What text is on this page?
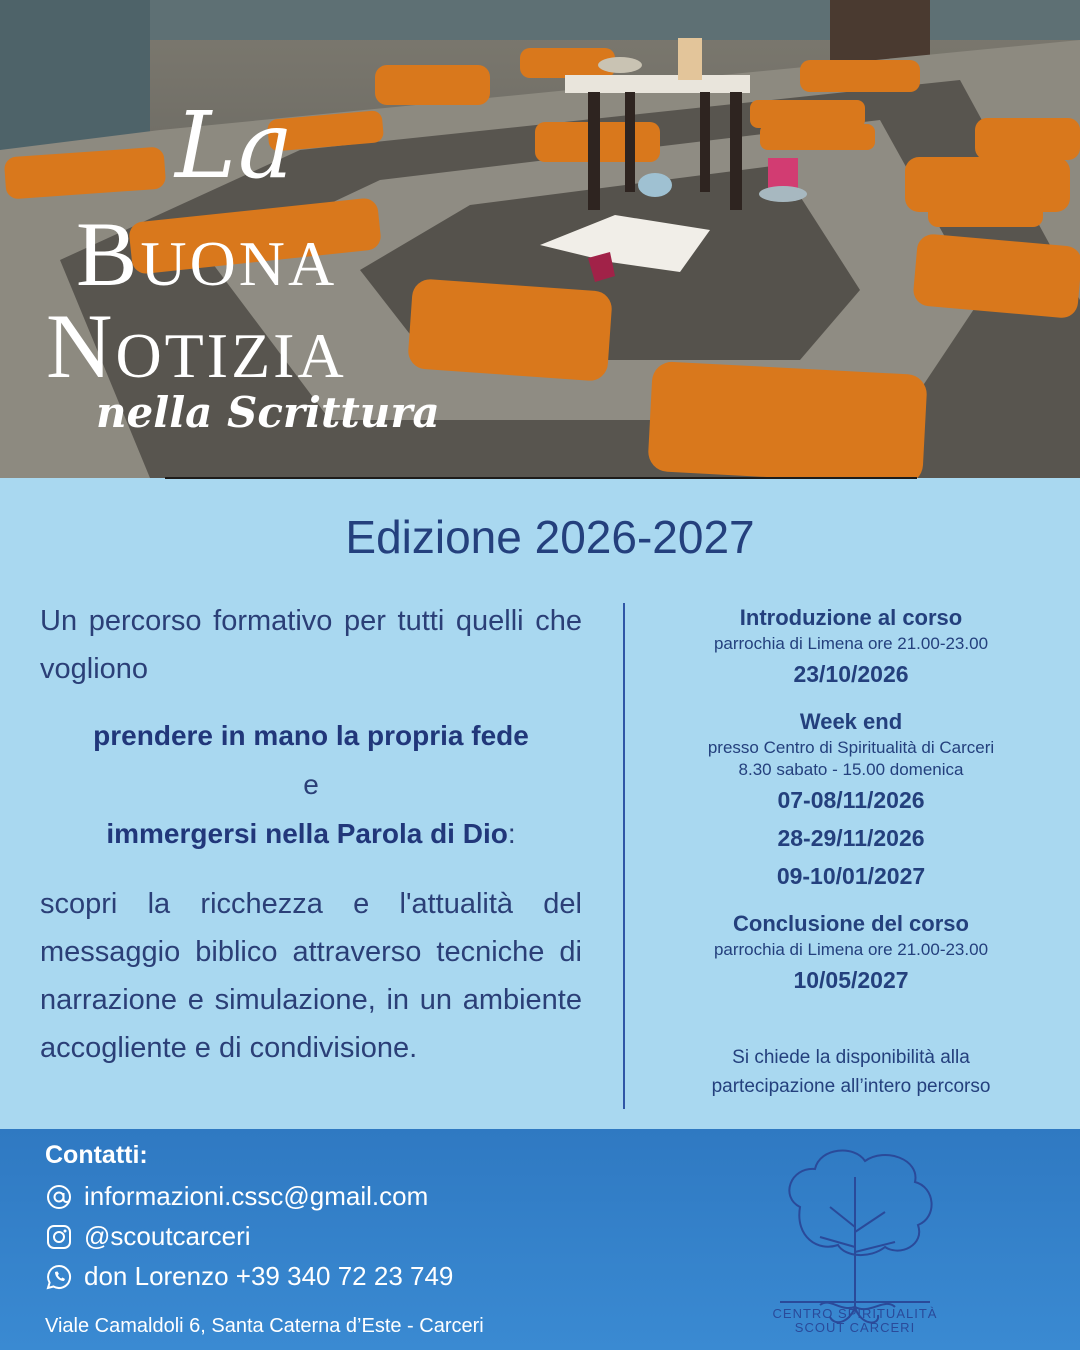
La
Buona
Notizia
nella Scrittura
Edizione 2026-2027

Un percorso formativo per tutti quelli che vogliono

prendere in mano la propria fede
e
immergersi nella Parola di Dio:

scopri la ricchezza e l'attualità del messaggio biblico attraverso tecniche di narrazione e simulazione, in un ambiente accogliente e di condivisione.

Introduzione al corso
parrochia di Limena ore 21.00-23.00
23/10/2026
Week end
presso Centro di Spiritualità di Carceri
8.30 sabato - 15.00 domenica
07-08/11/2026
28-29/11/2026
09-10/01/2027
Conclusione del corso
parrochia di Limena ore 21.00-23.00
10/05/2027
Si chiede la disponibilità alla partecipazione all’intero percorso
Contatti:
informazioni.cssc@gmail.com
@scoutcarceri
don Lorenzo +39 340 72 23 749
Viale Camaldoli 6, Santa Caterna d’Este - Carceri
CENTRO SPIRITUALITÀ
SCOUT CARCERI
